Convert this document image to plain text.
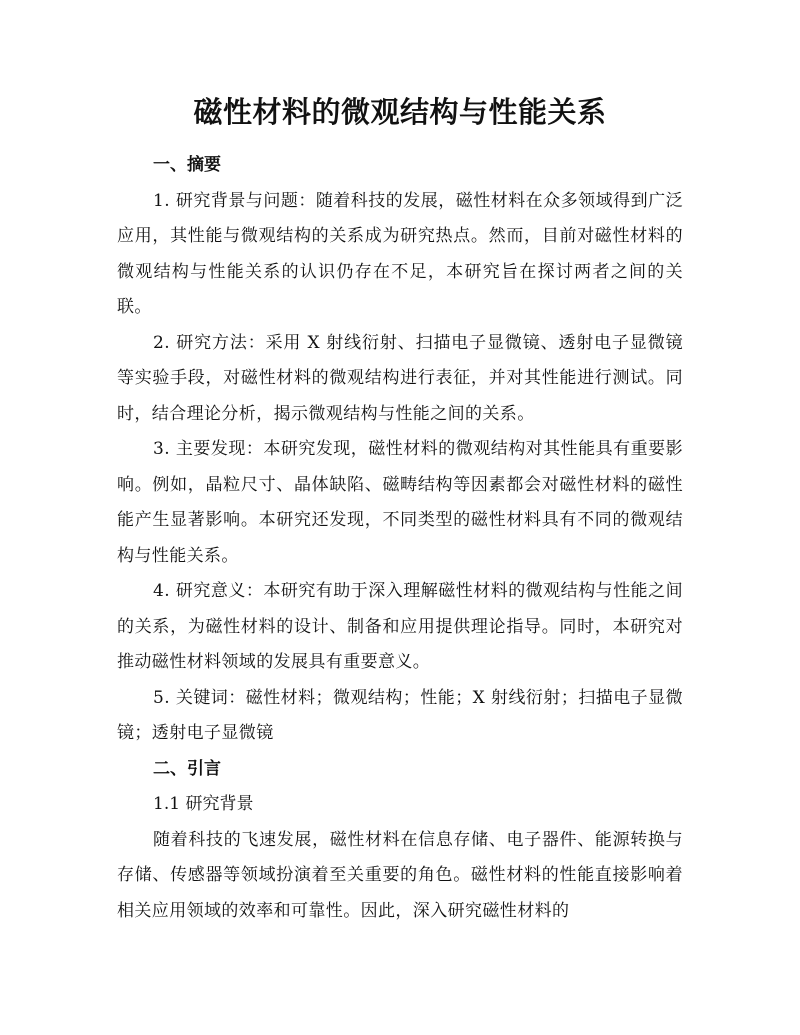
磁性材料的微观结构与性能关系

一、摘要

1. 研究背景与问题：随着科技的发展，磁性材料在众多领域得到广泛应用，其性能与微观结构的关系成为研究热点。然而，目前对磁性材料的微观结构与性能关系的认识仍存在不足，本研究旨在探讨两者之间的关联。

2. 研究方法：采用 X 射线衍射、扫描电子显微镜、透射电子显微镜等实验手段，对磁性材料的微观结构进行表征，并对其性能进行测试。同时，结合理论分析，揭示微观结构与性能之间的关系。

3. 主要发现：本研究发现，磁性材料的微观结构对其性能具有重要影响。例如，晶粒尺寸、晶体缺陷、磁畴结构等因素都会对磁性材料的磁性能产生显著影响。本研究还发现，不同类型的磁性材料具有不同的微观结构与性能关系。

4. 研究意义：本研究有助于深入理解磁性材料的微观结构与性能之间的关系，为磁性材料的设计、制备和应用提供理论指导。同时，本研究对推动磁性材料领域的发展具有重要意义。

5. 关键词：磁性材料；微观结构；性能；X 射线衍射；扫描电子显微镜；透射电子显微镜

二、引言

1.1 研究背景

随着科技的飞速发展，磁性材料在信息存储、电子器件、能源转换与存储、传感器等领域扮演着至关重要的角色。磁性材料的性能直接影响着相关应用领域的效率和可靠性。因此，深入研究磁性材料的
